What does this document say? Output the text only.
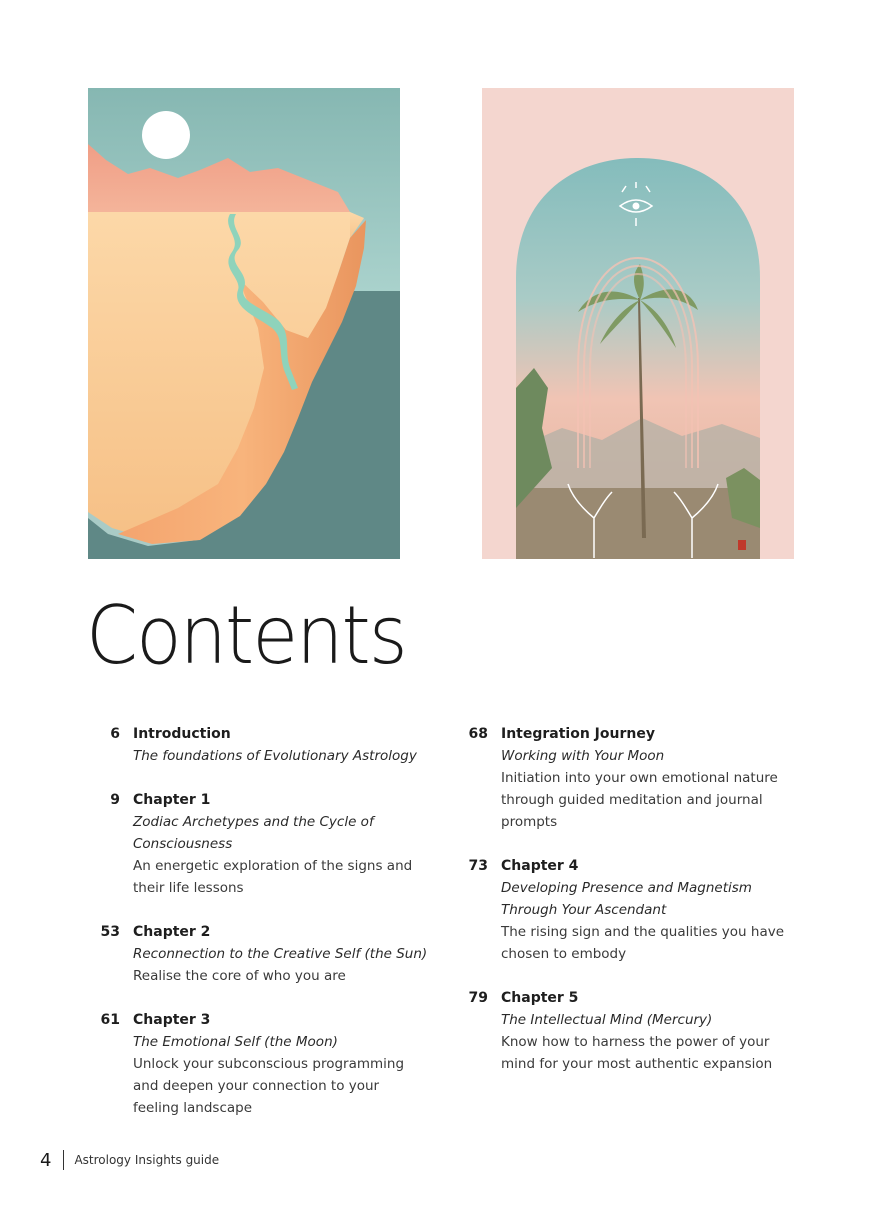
Contents
6 Introduction
The foundations of Evolutionary Astrology
9 Chapter 1
Zodiac Archetypes and the Cycle of Consciousness
An energetic exploration of the signs and their life lessons
53 Chapter 2
Reconnection to the Creative Self (the Sun)
Realise the core of who you are
61 Chapter 3
The Emotional Self (the Moon)
Unlock your subconscious programming and deepen your connection to your feeling landscape
68 Integration Journey
Working with Your Moon
Initiation into your own emotional nature through guided meditation and journal prompts
73 Chapter 4
Developing Presence and Magnetism Through Your Ascendant
The rising sign and the qualities you have chosen to embody
79 Chapter 5
The Intellectual Mind (Mercury)
Know how to harness the power of your mind for your most authentic expansion
4 Astrology Insights guide
